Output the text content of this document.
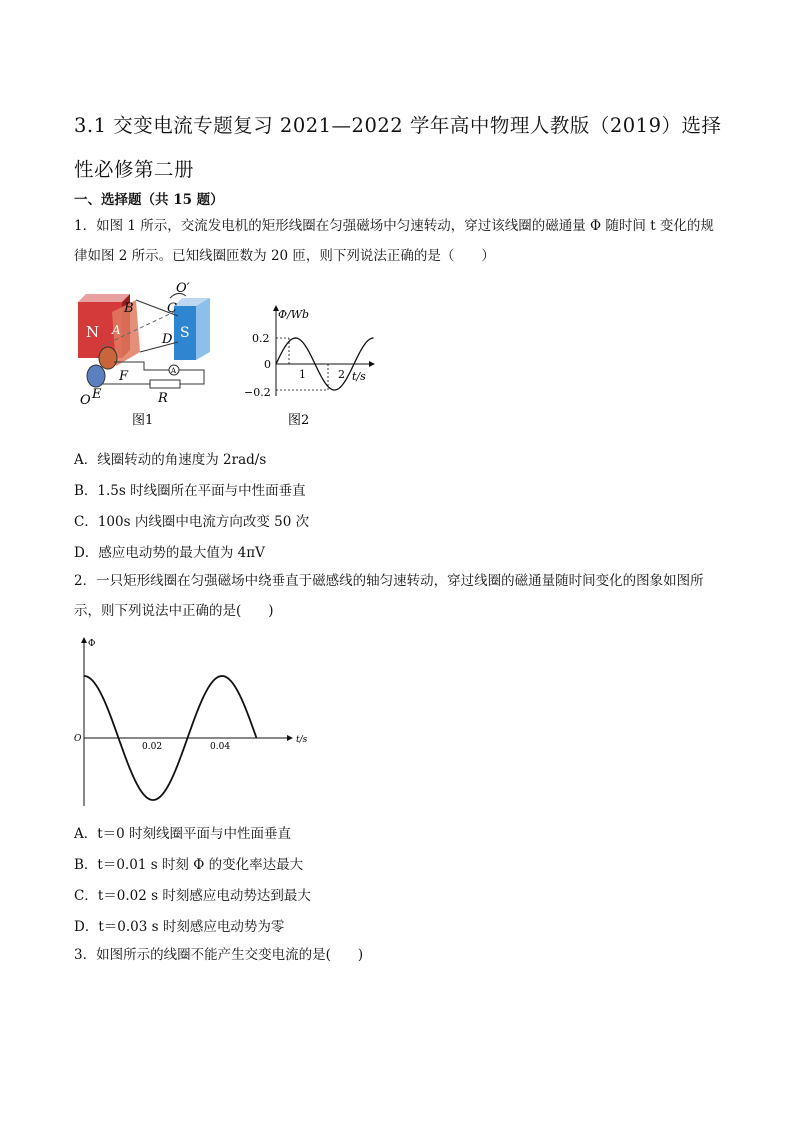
3.1 交变电流专题复习 2021—2022 学年高中物理人教版（2019）选择性必修第二册
一、选择题（共 15 题）
1．如图 1 所示，交流发电机的矩形线圈在匀强磁场中匀速转动，穿过该线圈的磁通量 Φ 随时间 t 变化的规律如图 2 所示。已知线圈匝数为 20 匝，则下列说法正确的是（　　）
N	S
B
A
C
D
O′
F
E
O
A
R
图1
Φ/Wb
t/s
0.2
0
−0.2
1	2
图2
A．线圈转动的角速度为 2rad/s
B．1.5s 时线圈所在平面与中性面垂直
C．100s 内线圈中电流方向改变 50 次
D．感应电动势的最大值为 4πV
2．一只矩形线圈在匀强磁场中绕垂直于磁感线的轴匀速转动，穿过线圈的磁通量随时间变化的图象如图所示，则下列说法中正确的是(　　)
Φ
t/s
O
0.02	0.04
A．t＝0 时刻线圈平面与中性面垂直
B．t＝0.01 s 时刻 Φ 的变化率达最大
C．t＝0.02 s 时刻感应电动势达到最大
D．t＝0.03 s 时刻感应电动势为零
3．如图所示的线圈不能产生交变电流的是(　　)
